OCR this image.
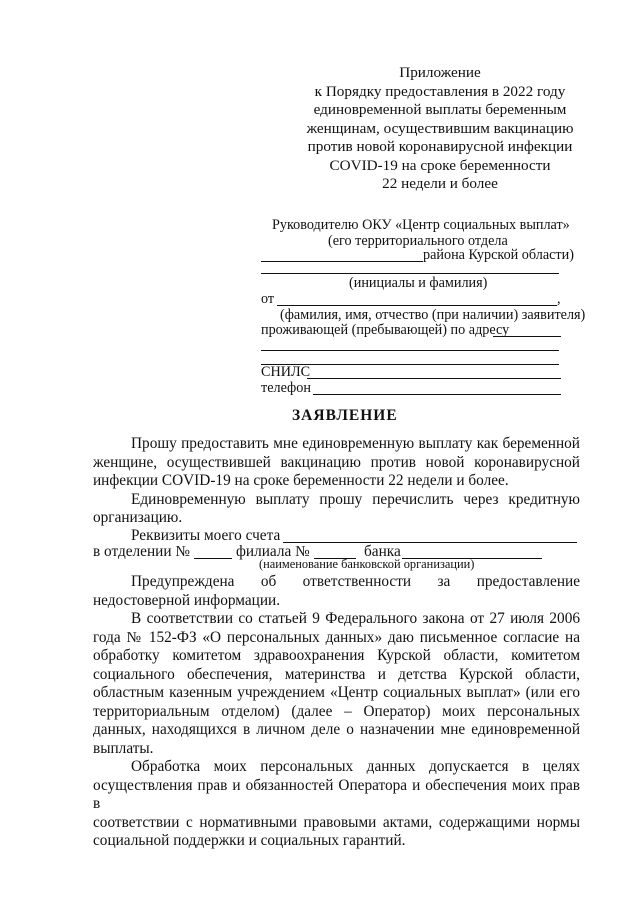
Приложение
к Порядку предоставления в 2022 году
единовременной выплаты беременным
женщинам, осуществившим вакцинацию
против новой коронавирусной инфекции
COVID-19 на сроке беременности
22 недели и более
Руководителю ОКУ «Центр социальных выплат»
(его территориального отдела
района Курской области)
(инициалы и фамилия)
от	,
(фамилия, имя, отчество (при наличии) заявителя)
проживающей (пребывающей) по адресу
СНИЛС
телефон
ЗАЯВЛЕНИЕ
Прошу предоставить мне единовременную выплату как беременной
женщине, осуществившей вакцинацию против новой коронавирусной
инфекции COVID-19 на сроке беременности 22 недели и более.
Единовременную выплату прошу перечислить через кредитную
организацию.
Реквизиты моего счета
в отделении №	филиала №	банка
(наименование банковской организации)
Предупреждена об ответственности за предоставление
недостоверной информации.
В соответствии со статьей 9 Федерального закона от 27 июля 2006
года № 152-ФЗ «О персональных данных» даю письменное согласие на
обработку комитетом здравоохранения Курской области, комитетом
социального обеспечения, материнства и детства Курской области,
областным казенным учреждением «Центр социальных выплат» (или его
территориальным отделом) (далее – Оператор) моих персональных
данных, находящихся в личном деле о назначении мне единовременной
выплаты.
Обработка моих персональных данных допускается в целях
осуществления прав и обязанностей Оператора и обеспечения моих прав в
соответствии с нормативными правовыми актами, содержащими нормы
социальной поддержки и социальных гарантий.
